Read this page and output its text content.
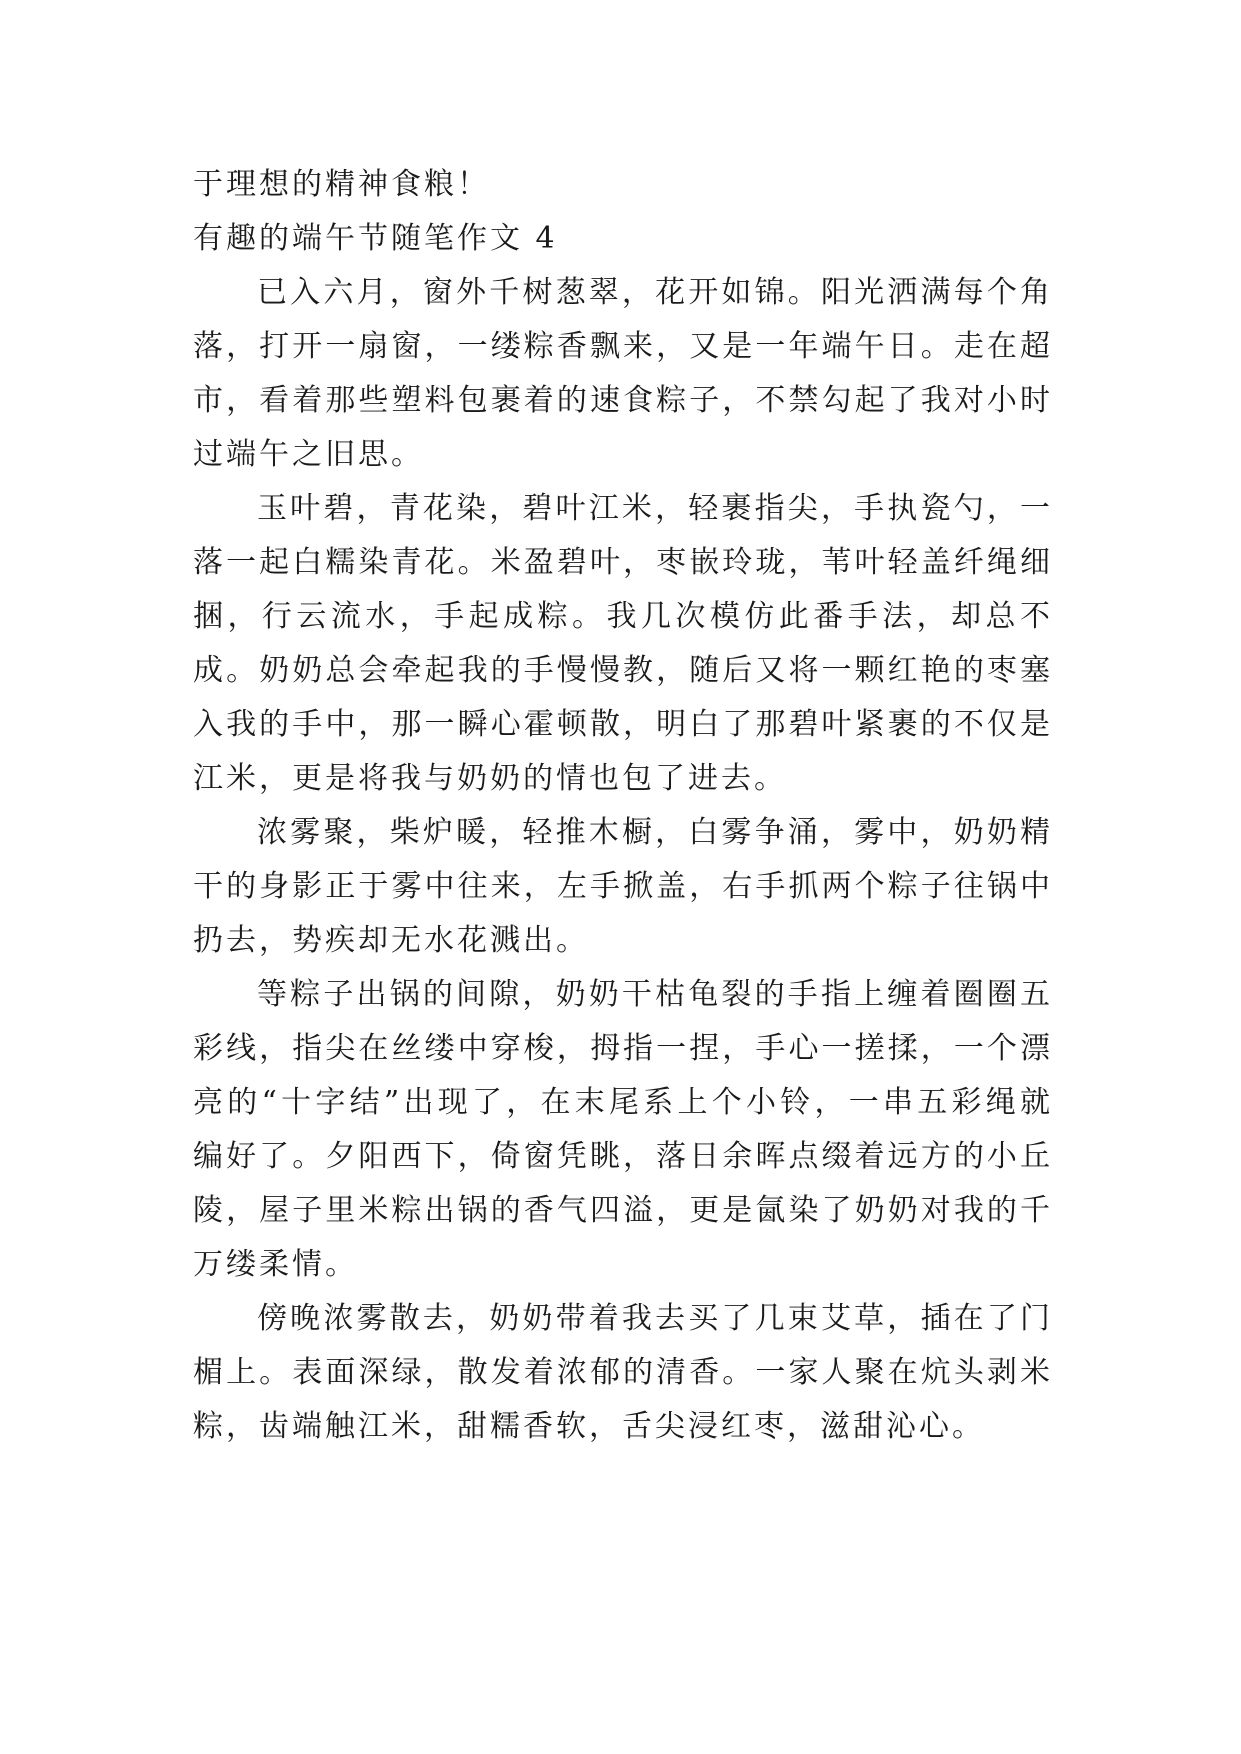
于理想的精神食粮！

有趣的端午节随笔作文 4

已入六月，窗外千树葱翠，花开如锦。阳光洒满每个角落，打开一扇窗，一缕粽香飘来，又是一年端午日。走在超市，看着那些塑料包裹着的速食粽子，不禁勾起了我对小时过端午之旧思。

玉叶碧，青花染，碧叶江米，轻裹指尖，手执瓷勺，一落一起白糯染青花。米盈碧叶，枣嵌玲珑，苇叶轻盖纤绳细捆，行云流水，手起成粽。我几次模仿此番手法，却总不成。奶奶总会牵起我的手慢慢教，随后又将一颗红艳的枣塞入我的手中，那一瞬心霍顿散，明白了那碧叶紧裹的不仅是江米，更是将我与奶奶的情也包了进去。

浓雾聚，柴炉暖，轻推木橱，白雾争涌，雾中，奶奶精干的身影正于雾中往来，左手掀盖，右手抓两个粽子往锅中扔去，势疾却无水花溅出。

等粽子出锅的间隙，奶奶干枯龟裂的手指上缠着圈圈五彩线，指尖在丝缕中穿梭，拇指一捏，手心一搓揉，一个漂亮的“十字结”出现了，在末尾系上个小铃，一串五彩绳就编好了。夕阳西下，倚窗凭眺，落日余晖点缀着远方的小丘陵，屋子里米粽出锅的香气四溢，更是氤染了奶奶对我的千万缕柔情。

傍晚浓雾散去，奶奶带着我去买了几束艾草，插在了门楣上。表面深绿，散发着浓郁的清香。一家人聚在炕头剥米粽，齿端触江米，甜糯香软，舌尖浸红枣，滋甜沁心。
